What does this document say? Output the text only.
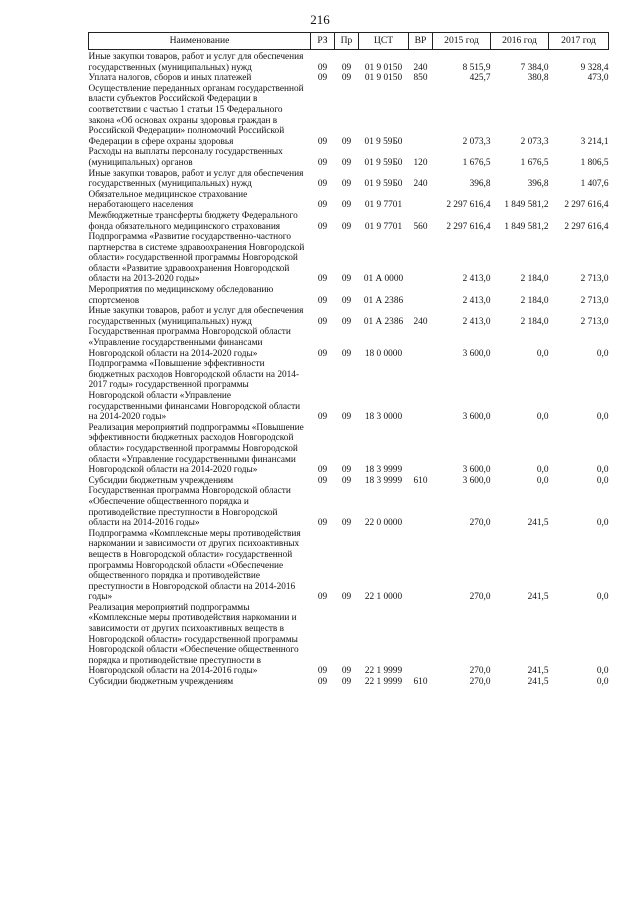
216
Наименование	РЗ	Пр	ЦСТ	ВР	2015 год	2016 год	2017 год
Иные закупки товаров, работ и услуг для обеспечения государственных (муниципальных) нужд	09	09	01 9 0150	240	8 515,9	7 384,0	9 328,4
Уплата налогов, сборов и иных платежей	09	09	01 9 0150	850	425,7	380,8	473,0
Осуществление переданных органам государственной власти субъектов Российской Федерации в соответствии с частью 1 статьи 15 Федерального закона «Об основах охраны здоровья граждан в Российской Федерации» полномочий Российской Федерации в сфере охраны здоровья	09	09	01 9 59Б0		2 073,3	2 073,3	3 214,1
Расходы на выплаты персоналу государственных (муниципальных) органов	09	09	01 9 59Б0	120	1 676,5	1 676,5	1 806,5
Иные закупки товаров, работ и услуг для обеспечения государственных (муниципальных) нужд	09	09	01 9 59Б0	240	396,8	396,8	1 407,6
Обязательное медицинское страхование неработающего населения	09	09	01 9 7701		2 297 616,4	1 849 581,2	2 297 616,4
Межбюджетные трансферты бюджету Федерального фонда обязательного медицинского страхования	09	09	01 9 7701	560	2 297 616,4	1 849 581,2	2 297 616,4
Подпрограмма «Развитие государственно-частного партнерства в системе здравоохранения Новгородской области» государственной программы Новгородской области «Развитие здравоохранения Новгородской области на 2013-2020 годы»	09	09	01 А 0000		2 413,0	2 184,0	2 713,0
Мероприятия по медицинскому обследованию спортсменов	09	09	01 А 2386		2 413,0	2 184,0	2 713,0
Иные закупки товаров, работ и услуг для обеспечения государственных (муниципальных) нужд	09	09	01 А 2386	240	2 413,0	2 184,0	2 713,0
Государственная программа Новгородской области «Управление государственными финансами Новгородской области на 2014-2020 годы»	09	09	18 0 0000		3 600,0	0,0	0,0
Подпрограмма «Повышение эффективности бюджетных расходов Новгородской области на 2014-2017 годы» государственной программы Новгородской области «Управление государственными финансами Новгородской области на 2014-2020 годы»	09	09	18 3 0000		3 600,0	0,0	0,0
Реализация мероприятий подпрограммы «Повышение эффективности бюджетных расходов Новгородской области» государственной программы Новгородской области «Управление государственными финансами Новгородской области на 2014-2020 годы»	09	09	18 3 9999		3 600,0	0,0	0,0
Субсидии бюджетным учреждениям	09	09	18 3 9999	610	3 600,0	0,0	0,0
Государственная программа Новгородской области «Обеспечение общественного порядка и противодействие преступности в Новгородской области на 2014-2016 годы»	09	09	22 0 0000		270,0	241,5	0,0
Подпрограмма «Комплексные меры противодействия наркомании и зависимости от других психоактивных веществ в Новгородской области» государственной программы Новгородской области «Обеспечение общественного порядка и противодействие преступности в Новгородской области на 2014-2016 годы»	09	09	22 1 0000		270,0	241,5	0,0
Реализация мероприятий подпрограммы «Комплексные меры противодействия наркомании и зависимости от других психоактивных веществ в Новгородской области» государственной программы Новгородской области «Обеспечение общественного порядка и противодействие преступности в Новгородской области на 2014-2016 годы»	09	09	22 1 9999		270,0	241,5	0,0
Субсидии бюджетным учреждениям	09	09	22 1 9999	610	270,0	241,5	0,0
